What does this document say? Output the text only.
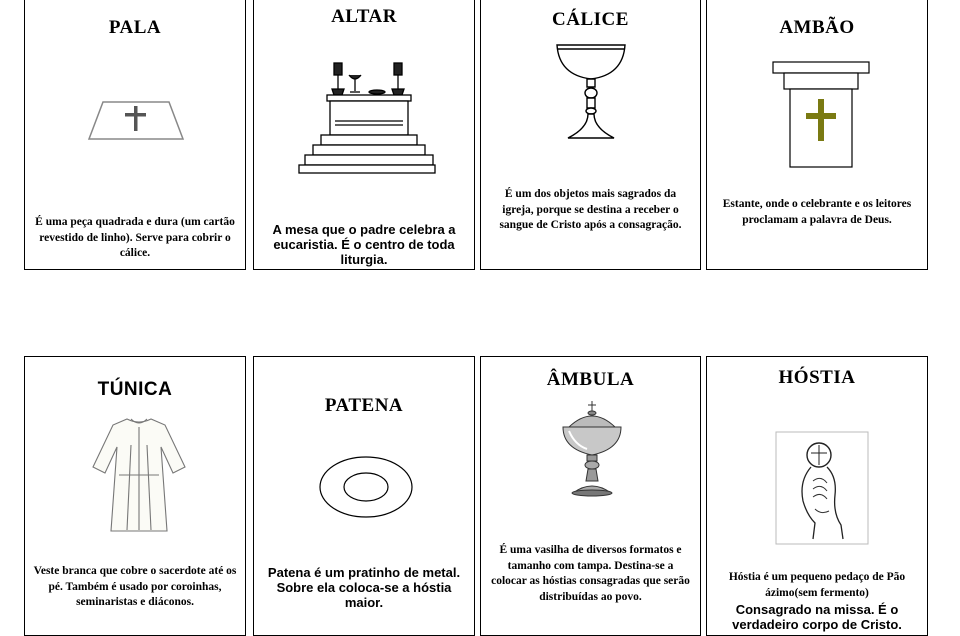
PALA
É uma peça quadrada e dura (um cartão revestido de linho). Serve para cobrir o cálice.
ALTAR
A mesa que o padre celebra a eucaristia. É o centro de toda liturgia.
CÁLICE
É um dos objetos mais sagrados da igreja, porque se destina a receber o sangue de Cristo após a consagração.
AMBÃO
Estante, onde o celebrante e os leitores proclamam a palavra de Deus.
TÚNICA
Veste branca que cobre o sacerdote até os pé. Também é usado por coroinhas, seminaristas e diáconos.
PATENA
Patena é um pratinho de metal. Sobre ela coloca-se a hóstia maior.
ÂMBULA
É uma vasilha de diversos formatos e tamanho com tampa. Destina-se a colocar as hóstias consagradas que serão distribuídas ao povo.
HÓSTIA
Hóstia é um pequeno pedaço de Pão ázimo(sem fermento)
Consagrado na missa. É o verdadeiro corpo de Cristo.
